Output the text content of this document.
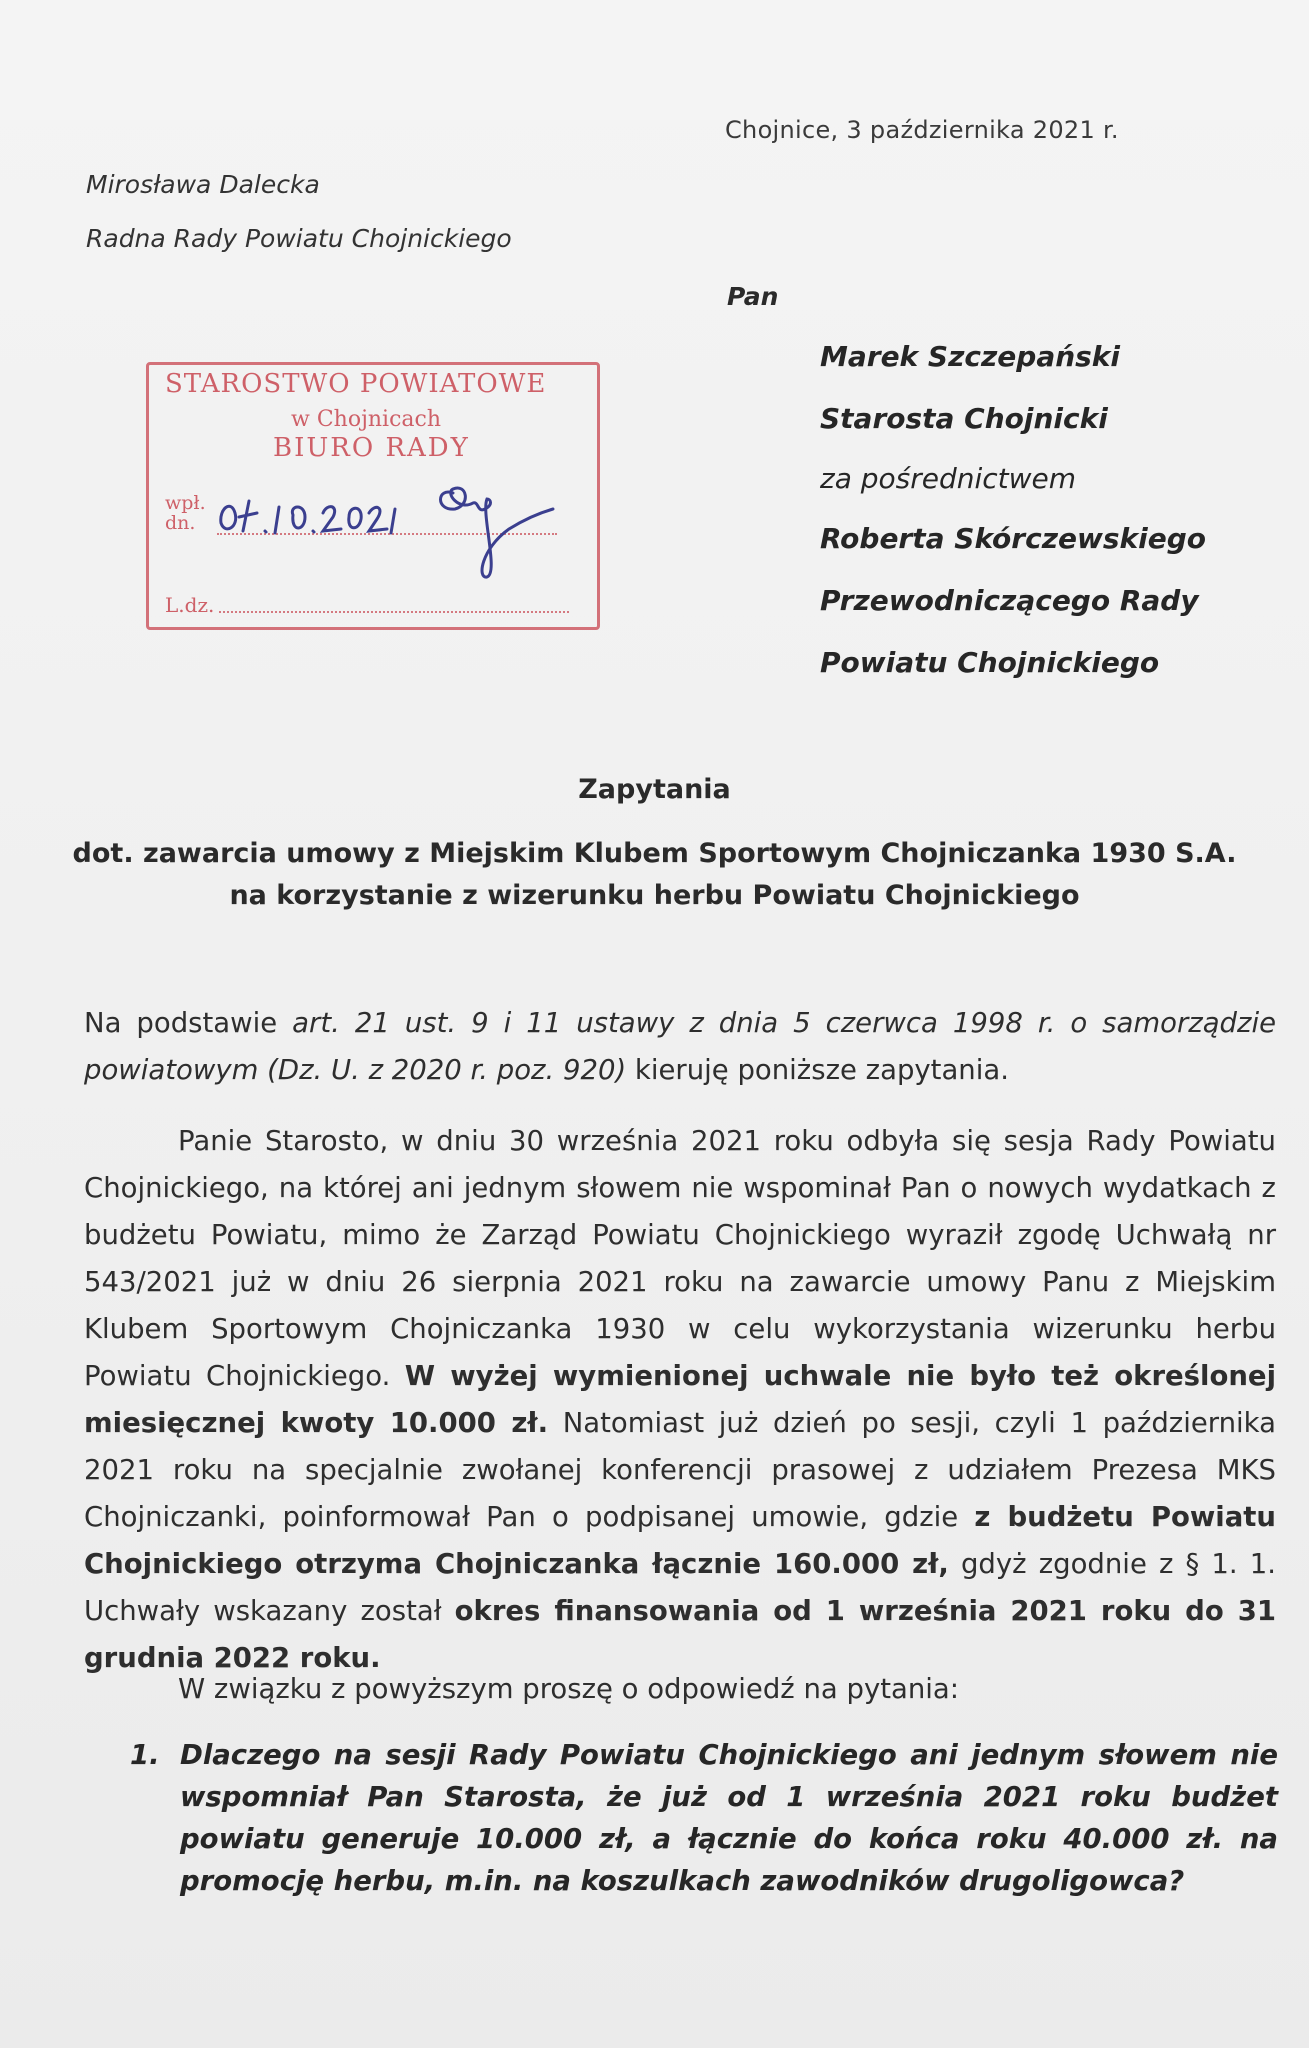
Chojnice, 3 października 2021 r.
Mirosława Dalecka
Radna Rady Powiatu Chojnickiego
Pan
Marek Szczepański
Starosta Chojnicki
za pośrednictwem
Roberta Skórczewskiego
Przewodniczącego Rady
Powiatu Chojnickiego
STAROSTWO POWIATOWE
w Chojnicach
BIURO RADY
wpł.
dn.
L.dz.
Zapytania
dot. zawarcia umowy z Miejskim Klubem Sportowym Chojniczanka 1930 S.A.
na korzystanie z wizerunku herbu Powiatu Chojnickiego
Na podstawie art. 21 ust. 9 i 11 ustawy z dnia 5 czerwca 1998 r. o samorządzie powiatowym (Dz. U. z 2020 r. poz. 920) kieruję poniższe zapytania.
Panie Starosto, w dniu 30 września 2021 roku odbyła się sesja Rady Powiatu Chojnickiego, na której ani jednym słowem nie wspominał Pan o nowych wydatkach z budżetu Powiatu, mimo że Zarząd Powiatu Chojnickiego wyraził zgodę Uchwałą nr 543/2021 już w dniu 26 sierpnia 2021 roku na zawarcie umowy Panu z Miejskim Klubem Sportowym Chojniczanka 1930 w celu wykorzystania wizerunku herbu Powiatu Chojnickiego. W wyżej wymienionej uchwale nie było też określonej miesięcznej kwoty 10.000 zł. Natomiast już dzień po sesji, czyli 1 października 2021 roku na specjalnie zwołanej konferencji prasowej z udziałem Prezesa MKS Chojniczanki, poinformował Pan o podpisanej umowie, gdzie z budżetu Powiatu Chojnickiego otrzyma Chojniczanka łącznie 160.000 zł, gdyż zgodnie z § 1. 1. Uchwały wskazany został okres finansowania od 1 września 2021 roku do 31 grudnia 2022 roku.
W związku z powyższym proszę o odpowiedź na pytania:
1. Dlaczego na sesji Rady Powiatu Chojnickiego ani jednym słowem nie wspomniał Pan Starosta, że już od 1 września 2021 roku budżet powiatu generuje 10.000 zł, a łącznie do końca roku 40.000 zł. na promocję herbu, m.in. na koszulkach zawodników drugoligowca?
